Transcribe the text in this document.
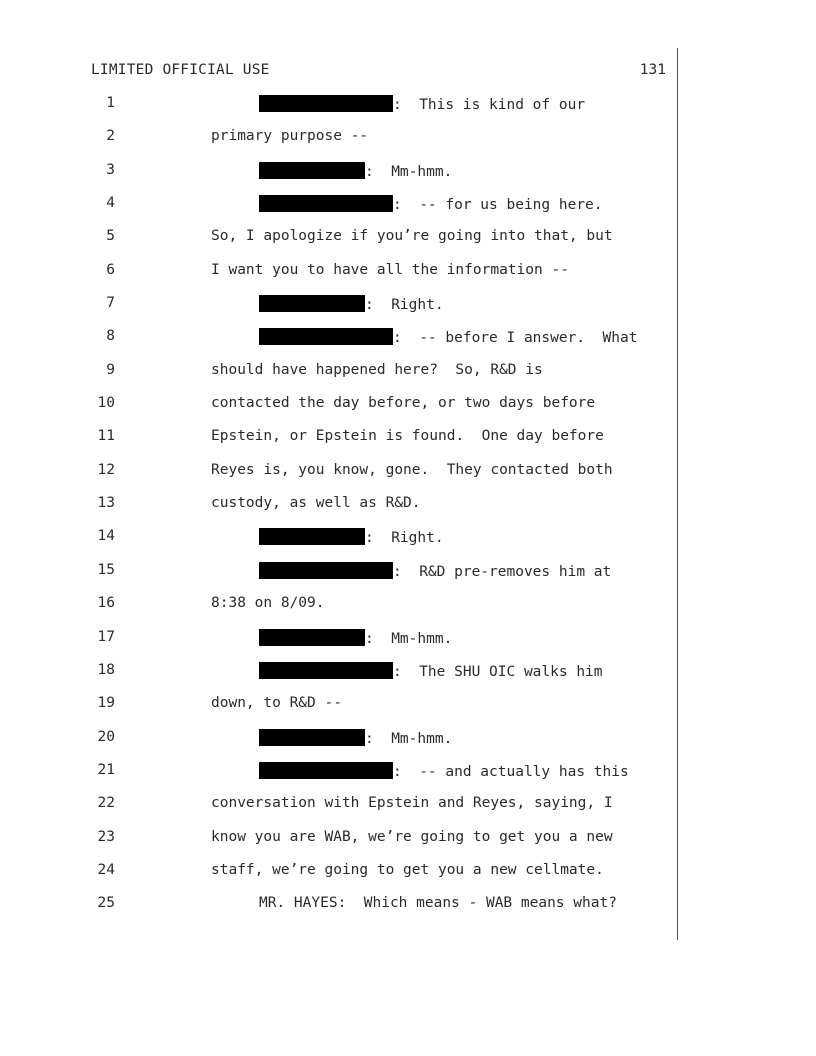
LIMITED OFFICIAL USE	131
1	:  This is kind of our
2	primary purpose --
3	:  Mm-hmm.
4	:  -- for us being here.
5	So, I apologize if you’re going into that, but
6	I want you to have all the information --
7	:  Right.
8	:  -- before I answer.  What
9	should have happened here?  So, R&D is
10	contacted the day before, or two days before
11	Epstein, or Epstein is found.  One day before
12	Reyes is, you know, gone.  They contacted both
13	custody, as well as R&D.
14	:  Right.
15	:  R&D pre-removes him at
16	8:38 on 8/09.
17	:  Mm-hmm.
18	:  The SHU OIC walks him
19	down, to R&D --
20	:  Mm-hmm.
21	:  -- and actually has this
22	conversation with Epstein and Reyes, saying, I
23	know you are WAB, we’re going to get you a new
24	staff, we’re going to get you a new cellmate.
25	MR. HAYES:  Which means - WAB means what?
